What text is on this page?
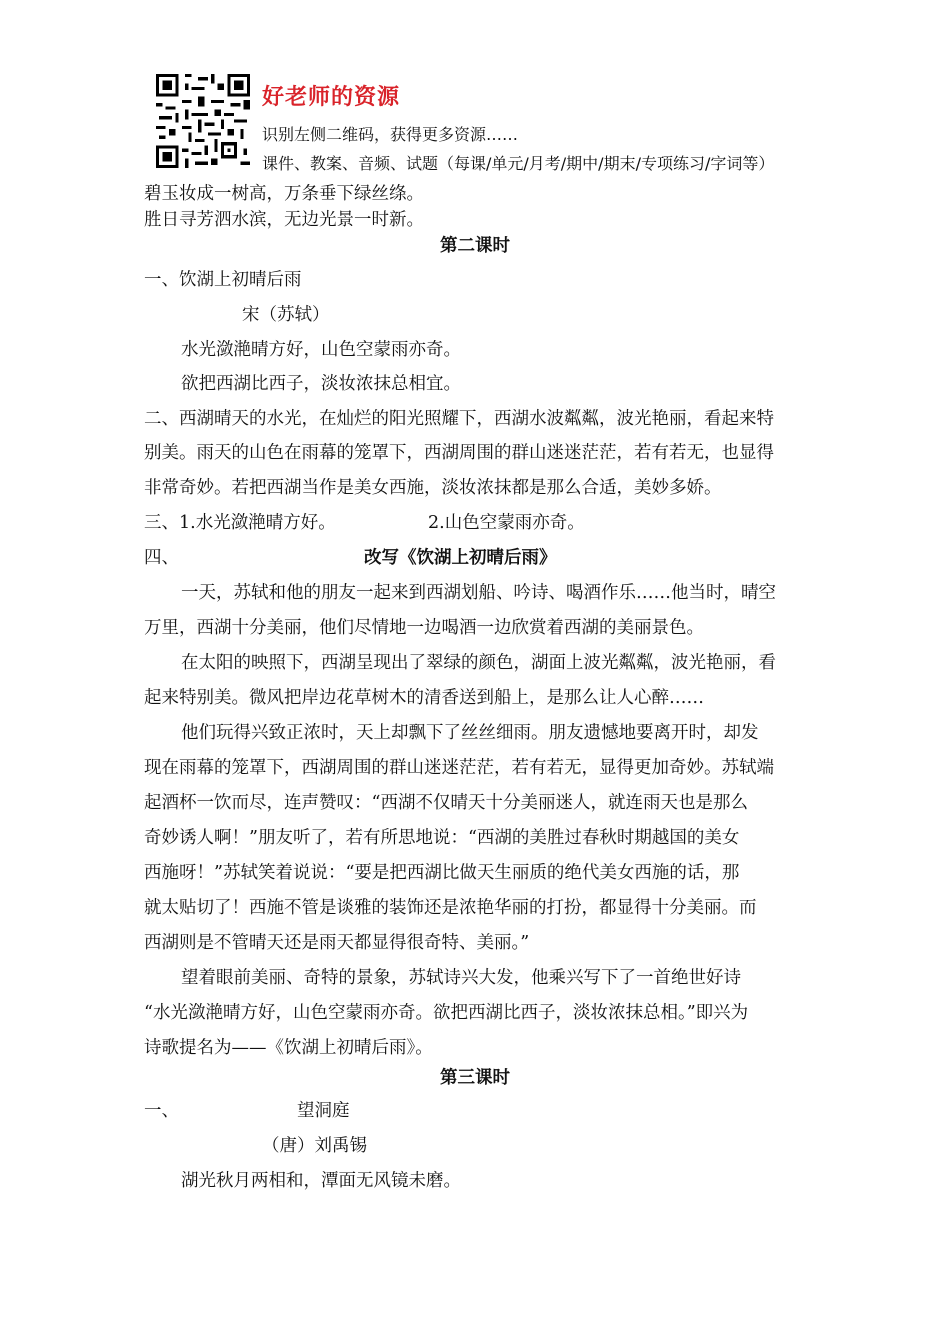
好老师的资源
识别左侧二维码，获得更多资源……
课件、教案、音频、试题（每课/单元/月考/期中/期末/专项练习/字词等）
碧玉妆成一树高，万条垂下绿丝绦。
胜日寻芳泗水滨，无边光景一时新。
第二课时
一、饮湖上初晴后雨
宋（苏轼）
水光潋滟晴方好，山色空蒙雨亦奇。
欲把西湖比西子，淡妆浓抹总相宜。
二、西湖晴天的水光，在灿烂的阳光照耀下，西湖水波粼粼，波光艳丽，看起来特
别美。雨天的山色在雨幕的笼罩下，西湖周围的群山迷迷茫茫，若有若无，也显得
非常奇妙。若把西湖当作是美女西施，淡妆浓抹都是那么合适，美妙多娇。
三、1.水光潋滟晴方好。	2.山色空蒙雨亦奇。
四、	改写《饮湖上初晴后雨》
一天，苏轼和他的朋友一起来到西湖划船、吟诗、喝酒作乐……他当时，晴空
万里，西湖十分美丽，他们尽情地一边喝酒一边欣赏着西湖的美丽景色。
在太阳的映照下，西湖呈现出了翠绿的颜色，湖面上波光粼粼，波光艳丽，看
起来特别美。微风把岸边花草树木的清香送到船上，是那么让人心醉……
他们玩得兴致正浓时，天上却飘下了丝丝细雨。朋友遗憾地要离开时，却发
现在雨幕的笼罩下，西湖周围的群山迷迷茫茫，若有若无，显得更加奇妙。苏轼端
起酒杯一饮而尽，连声赞叹：“西湖不仅晴天十分美丽迷人，就连雨天也是那么
奇妙诱人啊！”朋友听了，若有所思地说：“西湖的美胜过春秋时期越国的美女
西施呀！”苏轼笑着说说：“要是把西湖比做天生丽质的绝代美女西施的话，那
就太贴切了！西施不管是谈雅的装饰还是浓艳华丽的打扮，都显得十分美丽。而
西湖则是不管晴天还是雨天都显得很奇特、美丽。”
望着眼前美丽、奇特的景象，苏轼诗兴大发，他乘兴写下了一首绝世好诗
“水光潋滟晴方好，山色空蒙雨亦奇。欲把西湖比西子，淡妆浓抹总相。”即兴为
诗歌提名为——《饮湖上初晴后雨》。
第三课时
一、	望洞庭
（唐）刘禹锡
湖光秋月两相和，潭面无风镜未磨。
